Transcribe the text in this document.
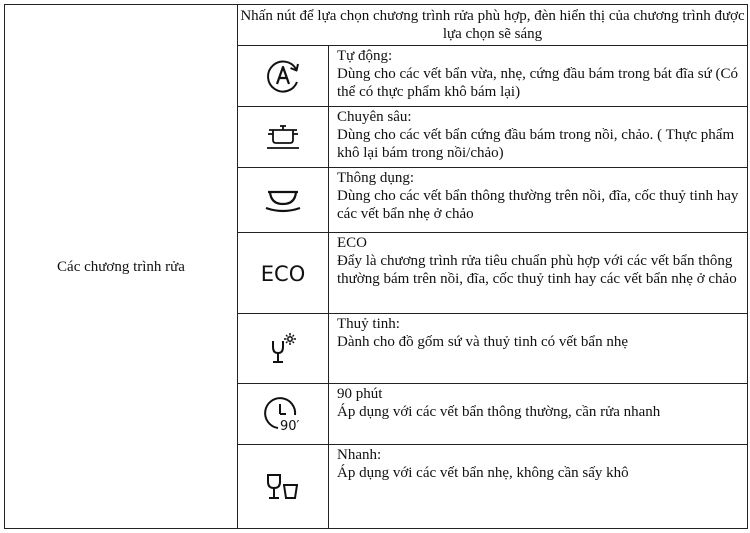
Các chương trình rửa	Nhấn nút để lựa chọn chương trình rửa phù hợp, đèn hiển thị của chương trình được lựa chọn sẽ sáng	

Tự động:
Dùng cho các vết bẩn vừa, nhẹ, cứng đầu bám trong bát đĩa sứ (Có thể có thực phẩm khô bám lại)

Chuyên sâu:
Dùng cho các vết bẩn cứng đầu bám trong nồi, chảo. ( Thực phẩm khô lại bám trong nồi/chảo)

Thông dụng:
Dùng cho các vết bẩn thông thường trên nồi, đĩa, cốc thuỷ tinh hay các vết bẩn nhẹ ở chảo

ECO	ECO
Đẩy là chương trình rửa tiêu chuẩn phù hợp với các vết bẩn thông thường bám trên nồi, đĩa, cốc thuỷ tinh hay các vết bẩn nhẹ ở chảo

Thuỷ tinh:
Dành cho đồ gốm sứ và thuỷ tinh có vết bẩn nhẹ

90′	90 phút
Áp dụng với các vết bẩn thông thường, cần rửa nhanh

Nhanh:
Áp dụng với các vết bẩn nhẹ, không cần sấy khô
